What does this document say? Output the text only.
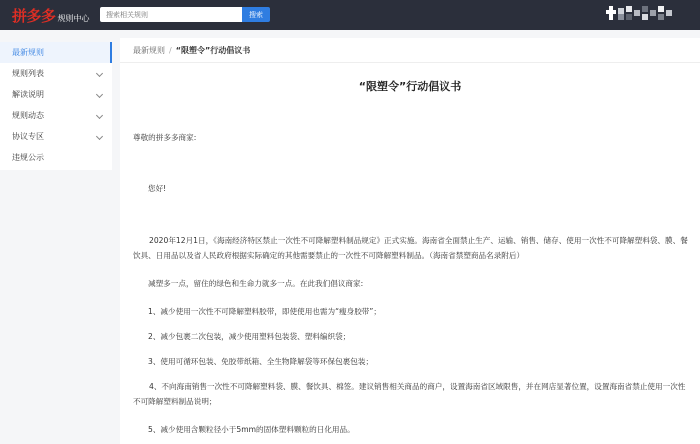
拼多多 规则中心
搜索相关规则	搜索
最新规则
规则列表
解读说明
规则动态
协议专区
违规公示
最新规则 / “限塑令”行动倡议书
“限塑令”行动倡议书
尊敬的拼多多商家:
您好!
2020年12月1日，《海南经济特区禁止一次性不可降解塑料制品规定》正式实施。海南省全面禁止生产、运输、销售、储存、使用一次性不可降解塑料袋、膜、餐饮具、日用品以及省人民政府根据实际确定的其他需要禁止的一次性不可降解塑料制品。（海南省禁塑商品名录附后）
减塑多一点，留住的绿色和生命力就多一点。在此我们倡议商家:
1、减少使用一次性不可降解塑料胶带，即使使用也需为“瘦身胶带”；
2、减少包裹二次包装，减少使用塑料包装袋、塑料编织袋；
3、使用可循环包装、免胶带纸箱、全生物降解袋等环保包裹包装；
4、不向海南销售一次性不可降解塑料袋、膜、餐饮具、棉签。建议销售相关商品的商户，设置海南省区域限售，并在网店显著位置，设置海南省禁止使用一次性不可降解塑料制品说明；
5、减少使用含颗粒径小于5mm的固体塑料颗粒的日化用品。
